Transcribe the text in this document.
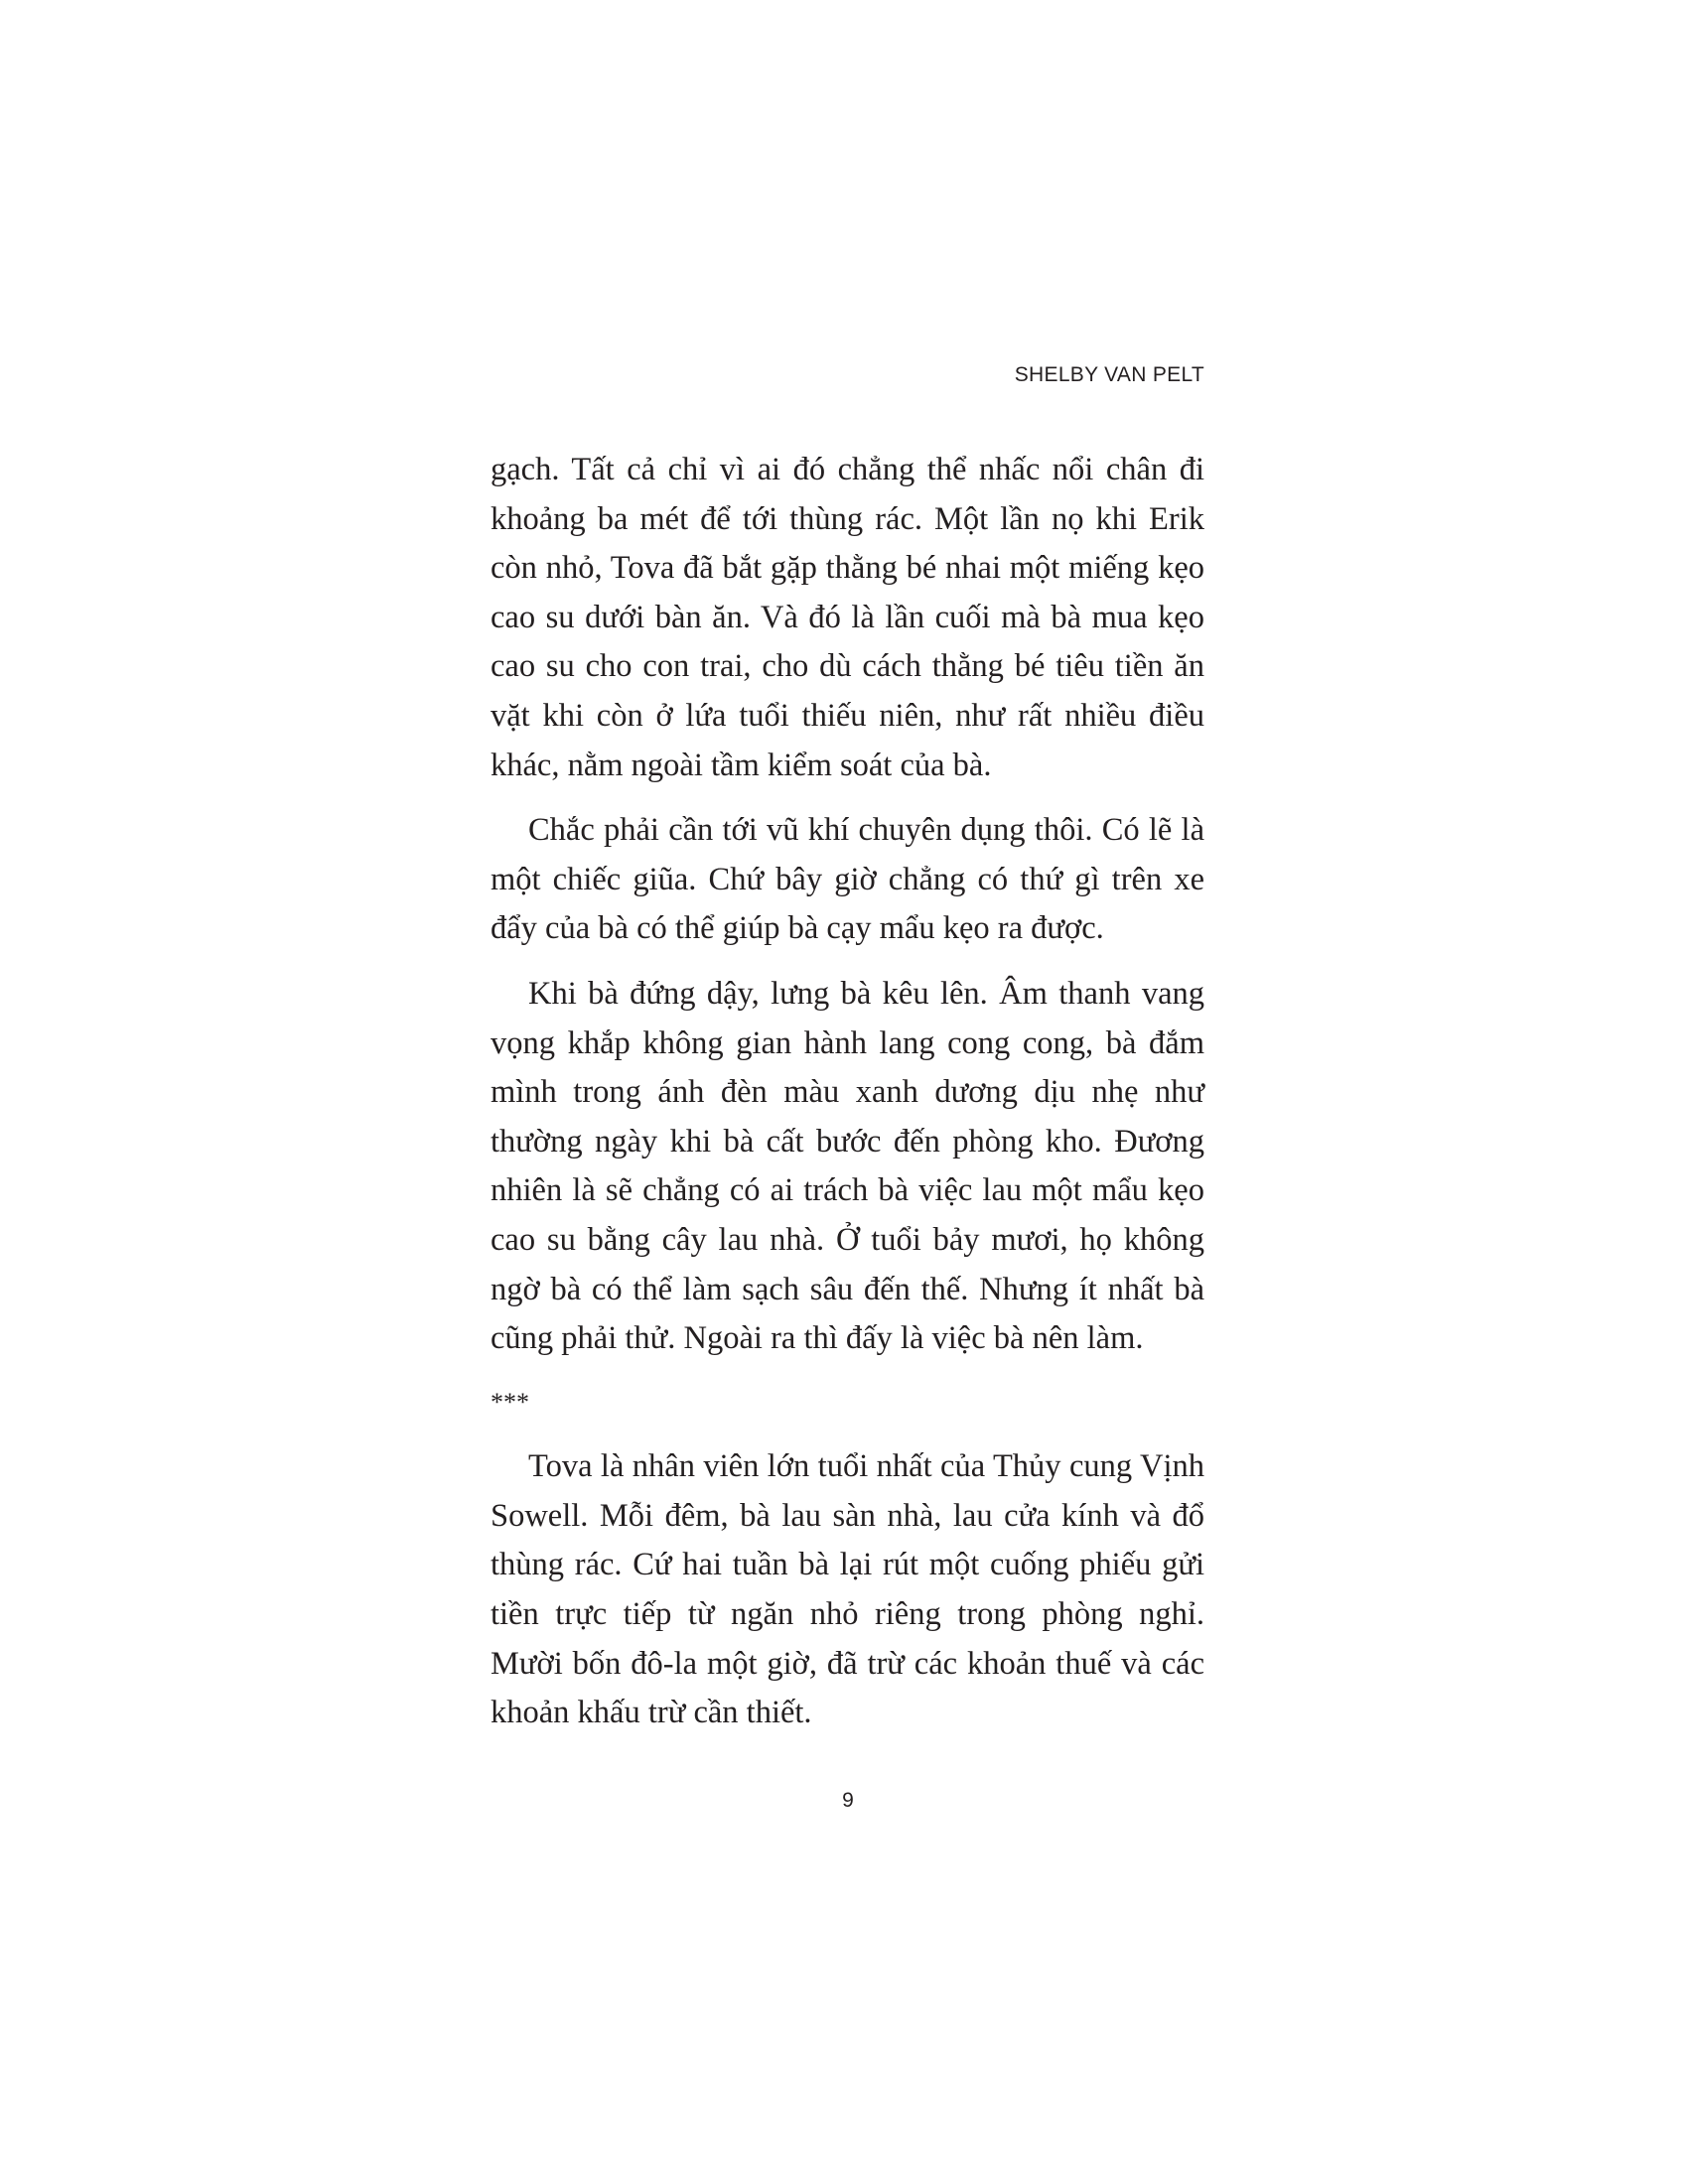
SHELBY VAN PELT

gạch. Tất cả chỉ vì ai đó chẳng thể nhấc nổi chân đi khoảng ba mét để tới thùng rác. Một lần nọ khi Erik còn nhỏ, Tova đã bắt gặp thằng bé nhai một miếng kẹo cao su dưới bàn ăn. Và đó là lần cuối mà bà mua kẹo cao su cho con trai, cho dù cách thằng bé tiêu tiền ăn vặt khi còn ở lứa tuổi thiếu niên, như rất nhiều điều khác, nằm ngoài tầm kiểm soát của bà.

Chắc phải cần tới vũ khí chuyên dụng thôi. Có lẽ là một chiếc giũa. Chứ bây giờ chẳng có thứ gì trên xe đẩy của bà có thể giúp bà cạy mẩu kẹo ra được.

Khi bà đứng dậy, lưng bà kêu lên. Âm thanh vang vọng khắp không gian hành lang cong cong, bà đắm mình trong ánh đèn màu xanh dương dịu nhẹ như thường ngày khi bà cất bước đến phòng kho. Đương nhiên là sẽ chẳng có ai trách bà việc lau một mẩu kẹo cao su bằng cây lau nhà. Ở tuổi bảy mươi, họ không ngờ bà có thể làm sạch sâu đến thế. Nhưng ít nhất bà cũng phải thử. Ngoài ra thì đấy là việc bà nên làm.

***

Tova là nhân viên lớn tuổi nhất của Thủy cung Vịnh Sowell. Mỗi đêm, bà lau sàn nhà, lau cửa kính và đổ thùng rác. Cứ hai tuần bà lại rút một cuống phiếu gửi tiền trực tiếp từ ngăn nhỏ riêng trong phòng nghỉ. Mười bốn đô-la một giờ, đã trừ các khoản thuế và các khoản khấu trừ cần thiết.

9
